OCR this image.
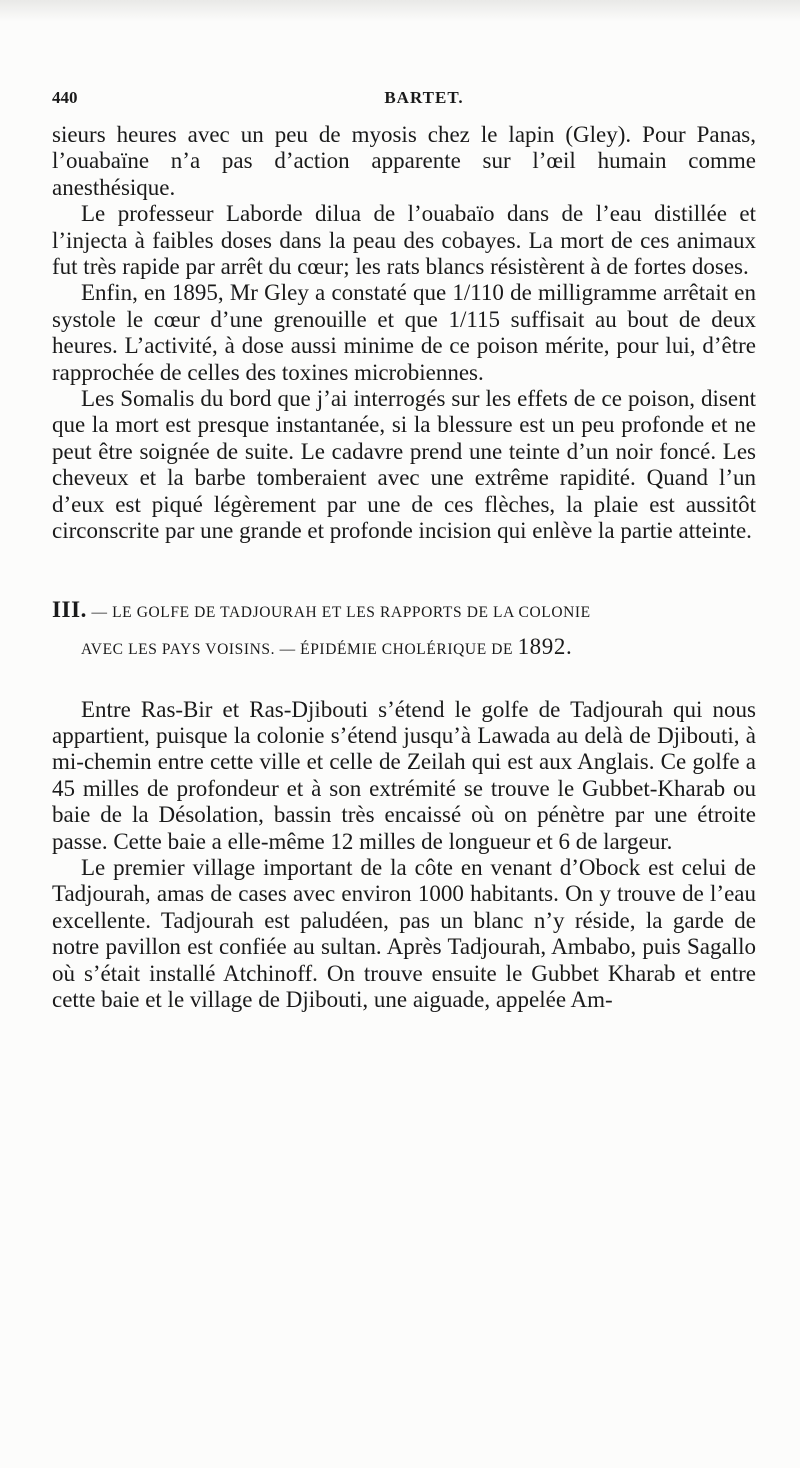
440	BARTET.

sieurs heures avec un peu de myosis chez le lapin (Gley). Pour Panas, l’ouabaïne n’a pas d’action apparente sur l’œil humain comme anesthésique.

Le professeur Laborde dilua de l’ouabaïo dans de l’eau distillée et l’injecta à faibles doses dans la peau des cobayes. La mort de ces animaux fut très rapide par arrêt du cœur; les rats blancs résistèrent à de fortes doses.

Enfin, en 1895, Mr Gley a constaté que 1/110 de milligramme arrêtait en systole le cœur d’une grenouille et que 1/115 suffisait au bout de deux heures. L’activité, à dose aussi minime de ce poison mérite, pour lui, d’être rapprochée de celles des toxines microbiennes.

Les Somalis du bord que j’ai interrogés sur les effets de ce poison, disent que la mort est presque instantanée, si la blessure est un peu profonde et ne peut être soignée de suite. Le cadavre prend une teinte d’un noir foncé. Les cheveux et la barbe tomberaient avec une extrême rapidité. Quand l’un d’eux est piqué légèrement par une de ces flèches, la plaie est aussitôt circonscrite par une grande et profonde incision qui enlève la partie atteinte.

III. — LE GOLFE DE TADJOURAH ET LES RAPPORTS DE LA COLONIE
AVEC LES PAYS VOISINS. — ÉPIDÉMIE CHOLÉRIQUE DE 1892.

Entre Ras-Bir et Ras-Djibouti s’étend le golfe de Tadjourah qui nous appartient, puisque la colonie s’étend jusqu’à Lawada au delà de Djibouti, à mi-chemin entre cette ville et celle de Zeilah qui est aux Anglais. Ce golfe a 45 milles de profondeur et à son extrémité se trouve le Gubbet-Kharab ou baie de la Désolation, bassin très encaissé où on pénètre par une étroite passe. Cette baie a elle-même 12 milles de longueur et 6 de largeur.

Le premier village important de la côte en venant d’Obock est celui de Tadjourah, amas de cases avec environ 1000 habitants. On y trouve de l’eau excellente. Tadjourah est paludéen, pas un blanc n’y réside, la garde de notre pavillon est confiée au sultan. Après Tadjourah, Ambabo, puis Sagallo où s’était installé Atchinoff. On trouve ensuite le Gubbet Kharab et entre cette baie et le village de Djibouti, une aiguade, appelée Am-
